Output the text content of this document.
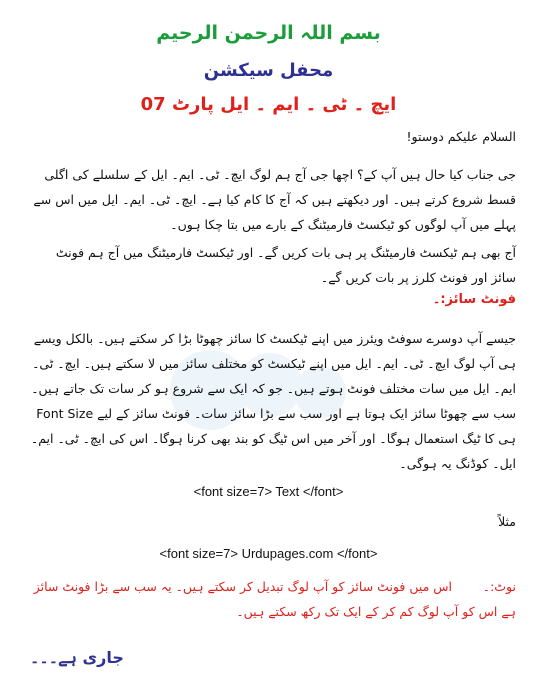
بسم اللہ الرحمن الرحیم
محفل سیکشن
ایچ ۔ ٹی ۔ ایم ۔ ایل پارٹ 07
السلام علیکم دوستو!
جی جناب کیا حال ہیں آپ کے؟ اچھا جی آج ہم لوگ ایچ۔ ٹی۔ ایم۔ ایل کے سلسلے کی اگلی قسط شروع کرتے ہیں۔ اور دیکھتے ہیں کہ آج کا کام کیا ہے۔ ایچ۔ ٹی۔ ایم۔ ایل میں اس سے پہلے میں آپ لوگوں کو ٹیکسٹ فارمیٹنگ کے بارے میں بتا چکا ہوں۔
آج بھی ہم ٹیکسٹ فارمیٹنگ پر ہی بات کریں گے۔ اور ٹیکسٹ فارمیٹنگ میں آج ہم فونٹ سائز اور فونٹ کلرز پر بات کریں گے۔
فونٹ سائز:۔
جیسے آپ دوسرے سوفٹ ویئرز میں اپنے ٹیکسٹ کا سائز چھوٹا بڑا کر سکتے ہیں۔ بالکل ویسے ہی آپ لوگ ایچ۔ ٹی۔ ایم۔ ایل میں اپنے ٹیکسٹ کو مختلف سائز میں لا سکتے ہیں۔ ایچ۔ ٹی۔ ایم۔ ایل میں سات مختلف فونٹ ہوتے ہیں۔ جو کہ ایک سے شروع ہو کر سات تک جاتے ہیں۔ سب سے چھوٹا سائز ایک ہوتا ہے اور سب سے بڑا سائز سات۔ فونٹ سائز کے لیے Font Size ہی کا ٹیگ استعمال ہوگا۔ اور آخر میں اس ٹیگ کو بند بھی کرنا ہوگا۔ اس کی ایچ۔ ٹی۔ ایم۔ ایل۔ کوڈنگ یہ ہوگی۔
<font size=7> Text </font>
مثلاً
<font size=7> Urdupages.com </font>
نوٹ:۔ اس میں فونٹ سائز کو آپ لوگ تبدیل کر سکتے ہیں۔ یہ سب سے بڑا فونٹ سائز ہے اس کو آپ لوگ کم کر کے ایک تک رکھ سکتے ہیں۔
جاری ہے۔۔۔
